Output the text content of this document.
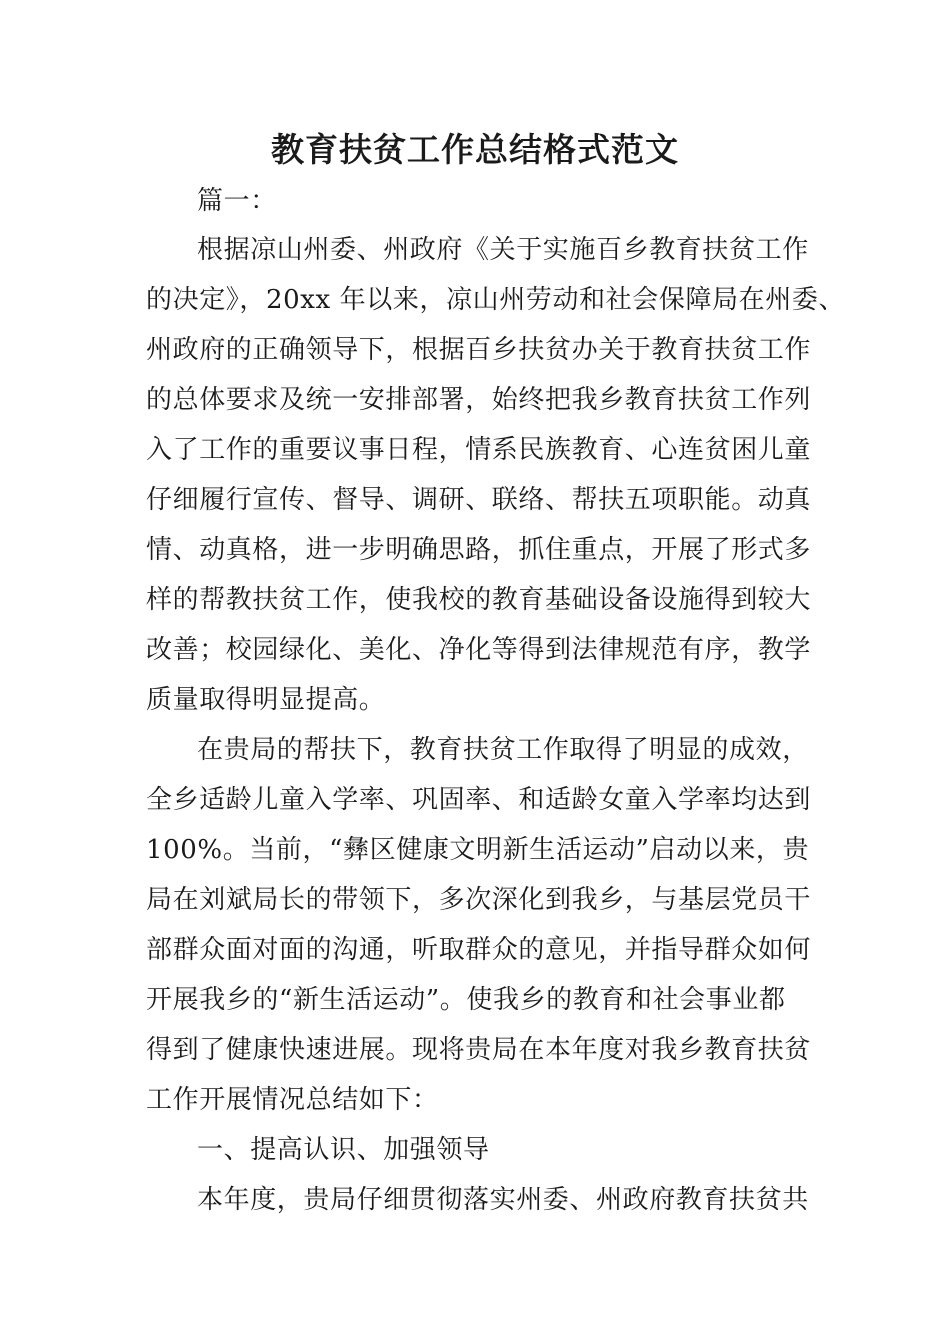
教育扶贫工作总结格式范文
篇一：
根据凉山州委、州政府《关于实施百乡教育扶贫工作
的决定》，20xx 年以来，凉山州劳动和社会保障局在州委、
州政府的正确领导下，根据百乡扶贫办关于教育扶贫工作
的总体要求及统一安排部署，始终把我乡教育扶贫工作列
入了工作的重要议事日程，情系民族教育、心连贫困儿童
仔细履行宣传、督导、调研、联络、帮扶五项职能。动真
情、动真格，进一步明确思路，抓住重点，开展了形式多
样的帮教扶贫工作，使我校的教育基础设备设施得到较大
改善；校园绿化、美化、净化等得到法律规范有序，教学
质量取得明显提高。
在贵局的帮扶下，教育扶贫工作取得了明显的成效，
全乡适龄儿童入学率、巩固率、和适龄女童入学率均达到
100%。当前，“彝区健康文明新生活运动”启动以来，贵
局在刘斌局长的带领下，多次深化到我乡，与基层党员干
部群众面对面的沟通，听取群众的意见，并指导群众如何
开展我乡的“新生活运动”。使我乡的教育和社会事业都
得到了健康快速进展。现将贵局在本年度对我乡教育扶贫
工作开展情况总结如下：
一、提高认识、加强领导
本年度，贵局仔细贯彻落实州委、州政府教育扶贫共
